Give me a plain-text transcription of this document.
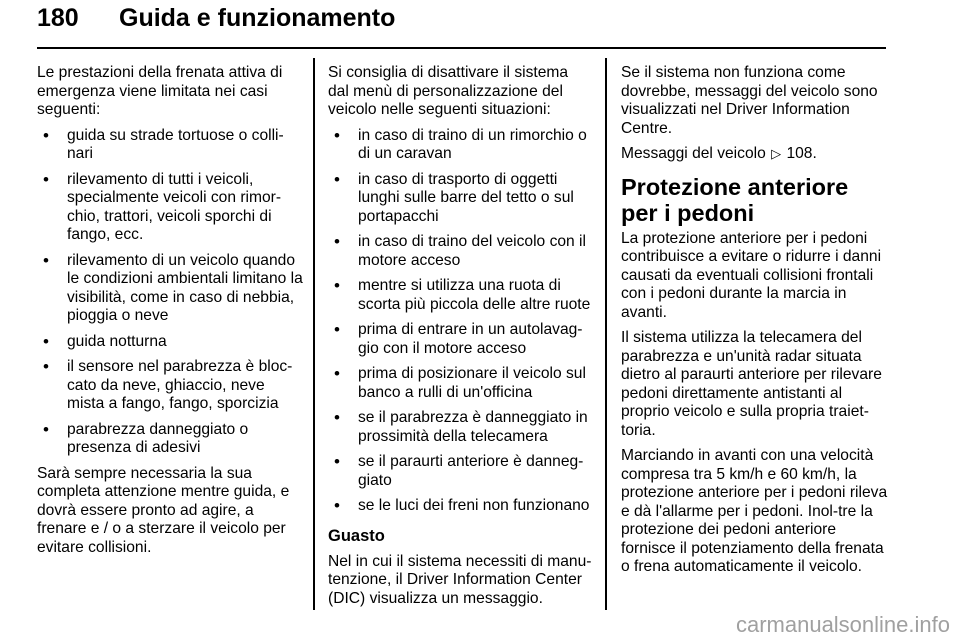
180 Guida e funzionamento

Le prestazioni della frenata attiva di emergenza viene limitata nei casi seguenti:

• guida su strade tortuose o colli-nari
• rilevamento di tutti i veicoli, specialmente veicoli con rimor-chio, trattori, veicoli sporchi di fango, ecc.
• rilevamento di un veicolo quando le condizioni ambientali limitano la visibilità, come in caso di nebbia, pioggia o neve
• guida notturna
• il sensore nel parabrezza è bloc-cato da neve, ghiaccio, neve mista a fango, fango, sporcizia
• parabrezza danneggiato o presenza di adesivi

Sarà sempre necessaria la sua completa attenzione mentre guida, e dovrà essere pronto ad agire, a frenare e / o a sterzare il veicolo per evitare collisioni.

Si consiglia di disattivare il sistema dal menù di personalizzazione del veicolo nelle seguenti situazioni:

• in caso di traino di un rimorchio o di un caravan
• in caso di trasporto di oggetti lunghi sulle barre del tetto o sul portapacchi
• in caso di traino del veicolo con il motore acceso
• mentre si utilizza una ruota di scorta più piccola delle altre ruote
• prima di entrare in un autolavag-gio con il motore acceso
• prima di posizionare il veicolo sul banco a rulli di un'officina
• se il parabrezza è danneggiato in prossimità della telecamera
• se il paraurti anteriore è danneg-giato
• se le luci dei freni non funzionano
Guasto

Nel in cui il sistema necessiti di manu-tenzione, il Driver Information Center (DIC) visualizza un messaggio.

Se il sistema non funziona come dovrebbe, messaggi del veicolo sono visualizzati nel Driver Information Centre.

Messaggi del veicolo ▷ 108.

Protezione anteriore per i pedoni

La protezione anteriore per i pedoni contribuisce a evitare o ridurre i danni causati da eventuali collisioni frontali con i pedoni durante la marcia in avanti.

Il sistema utilizza la telecamera del parabrezza e un'unità radar situata dietro al paraurti anteriore per rilevare pedoni direttamente antistanti al proprio veicolo e sulla propria traiet-toria.

Marciando in avanti con una velocità compresa tra 5 km/h e 60 km/h, la protezione anteriore per i pedoni rileva e dà l'allarme per i pedoni. Inol-tre la protezione dei pedoni anteriore fornisce il potenziamento della frenata o frena automaticamente il veicolo.

carmanualsonline.info
